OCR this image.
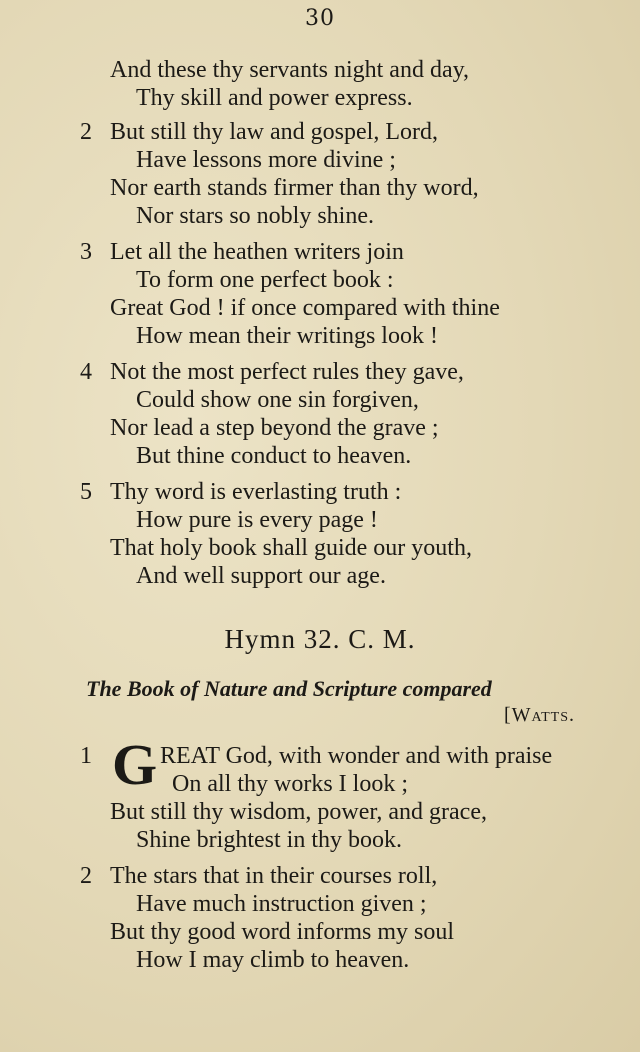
30
And these thy servants night and day,
Thy skill and power express.
2 But still thy law and gospel, Lord,
Have lessons more divine ;
Nor earth stands firmer than thy word,
Nor stars so nobly shine.
3 Let all the heathen writers join
To form one perfect book :
Great God ! if once compared with thine
How mean their writings look !
4 Not the most perfect rules they gave,
Could show one sin forgiven,
Nor lead a step beyond the grave ;
But thine conduct to heaven.
5 Thy word is everlasting truth :
How pure is every page !
That holy book shall guide our youth,
And well support our age.
Hymn 32. C. M.
The Book of Nature and Scripture compared
[Watts.
1 G REAT God, with wonder and with praise
On all thy works I look ;
But still thy wisdom, power, and grace,
Shine brightest in thy book.
2 The stars that in their courses roll,
Have much instruction given ;
But thy good word informs my soul
How I may climb to heaven.
